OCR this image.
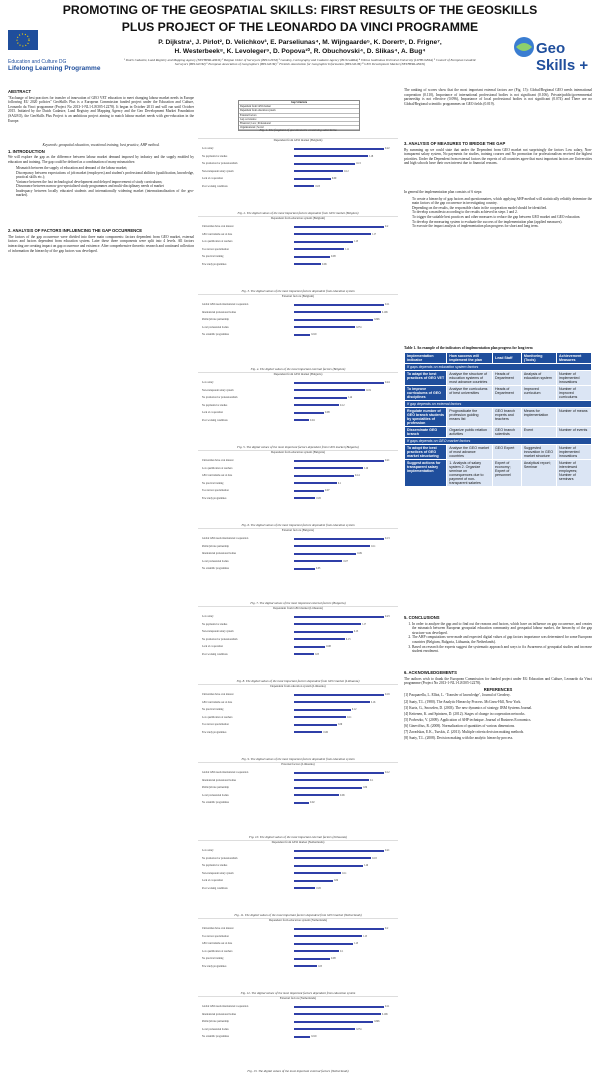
PROMOTING OF THE GEOSPATIAL SKILLS: FIRST RESULTS OF THE GEOSKILLS
PLUS PROJECT OF THE LEONARDO DA VINCI PROGRAMME
Education and Culture DG
Lifelong Learning Programme
Geo Skills +
P. Dijkstra¹, J. Pirlot², D. Velichkov³, E. Parseliunas⁴, M. Wijngaarde⁵, K. Dorert⁶, D. Frigne⁷,
H. Westerbeek⁸, K. Levoleger⁹, D. Popova¹⁰, R. Obuchovski⁴, D. Slikas⁴, A. Bug⁴
¹ Dutch Cadastre, Land Registry and Mapping Agency (NETHERLANDS) ² Belgian Order of Surveyors (BELGIUM) ³ Geodesy, Cartography and Cadastre Agency (BULGARIA) ⁴ Vilnius Gediminas Technical University (LITHUANIA) ⁵ Council of European Geodetic Surveyors (BELGIUM) ⁶ European Association of Geographers (BELGIUM) ⁷ Flemish Association for Geographic Information (BELGIUM) ⁸ GEO Development Market (NETHERLANDS)
ABSTRACT

"Exchange of best practices for transfer of innovation of GEO VET education to meet changing labour market needs in Europe following EU 2020 policies" GeoSkills Plus is a European Commission funded project under the Education and Culture, Leonardo da Vinci programme (Project No 2013-1-NL1-LEO05-12278). It began in October 2013 and will run until October 2015. Initiated by the Dutch Cadastre, Land Registry and Mapping Agency and the Geo Development Market Foundation (SAGEO), the GeoSkills Plus Project is an ambitious project aiming to match labour market needs with geo-education in the Europe.

Keywords: geospatial education, vocational training, best practice, AHP method.

1. INTRODUCTION

We will explore the gap as the difference between labour market demand imposed by industry and the supply enabled by education and training. The gap could be defined as a combination of many mismatches:

• Mismatch between the supply of education and demand of the labour market;
• Discrepancy between expectations of job market (employers) and student's professional abilities (qualification, knowledge, practical skills etc.);
• Variance between the fast technological development and delayed improvement of study curriculums;
• Dissonance between narrow geo-specialized study programmes and multi-disciplinary needs of market
• Inadequacy between locally educated students and internationally widening market (internationalization of the geo-market).
2. ANALYSIS OF FACTORS INFLUENCING THE GAP OCCURRENCE

The factors of the gap occurrence were divided into three main components: factors dependent from GEO market, external factors and factors dependent from education system. Later these three components were split into 4 levels. All factors interacting are creating impact on gap occurrence and existence. After comprehensive theoretic research and continued collection of information the hierarchy of the gap factors was developed.

Gap Structure
Dependent from GEO market
Dependent from education system
External factors
Gap occurrence
Financial | Law | Professional
Organizational | Social
Fig. 1. The fragment of questionnaire containing subcriteria
Dependent from GEO market (Belgium)
Low salary	0.22
No payments for studies	0.18
No promotion for professionalism	0.15
Non-transparent salary system	0.12
Lack of cooperation	0.09
Poor working conditions	0.05
Fig. 2. The digital values of the most important factors dependent from GEO market (Belgium)
Dependent from education system (Belgium)
Universities have own interest	0.2
GEO curriculums out of date	0.17
Low qualification of teachers	0.13
Too narrow specialisation	0.11
No practical training	0.08
Few study programmes	0.06
Fig. 3. The digital values of the most important factors dependent from education system
External factors (Belgium)
Global GEO needs international cooperation	0.11
International professional bodies	0.106
Public/private partnership	0.096
Local professional bodies	0.074
No scientific programmes	0.019
Fig. 4. The digital values of the most important external factors (Belgium)
Dependent from GEO market (Bulgaria)
Low salary	0.24
Non-transparent salary system	0.19
No promotion for professionalism	0.14
No payments for studies	0.12
Lack of cooperation	0.08
Poor working conditions	0.04
Fig. 5. The digital values of the most important factors dependent from GEO market (Bulgaria)
Dependent from education system (Bulgaria)
Universities have own interest	0.21
Low qualification of teachers	0.16
GEO curriculums out of date	0.14
No practical training	0.1
Too narrow specialisation	0.07
Few study programmes	0.05
Fig. 6. The digital values of the most important factors dependent from education system
External factors (Bulgaria)
Global GEO needs international cooperation	0.13
Public/private partnership	0.11
International professional bodies	0.09
Local professional bodies	0.07
No scientific programmes	0.03
Fig. 7. The digital values of the most important external factors (Bulgaria)
Dependent from GEO market (Lithuania)
Low salary	0.23
No payments for studies	0.17
Non-transparent salary system	0.15
No promotion for professionalism	0.13
Lack of cooperation	0.08
Poor working conditions	0.05
Fig. 8. The digital values of the most important factors dependent from GEO market (Lithuania)
Dependent from education system (Lithuania)
Universities have own interest	0.19
GEO curriculums out of date	0.16
No practical training	0.12
Low qualification of teachers	0.11
Too narrow specialisation	0.09
Few study programmes	0.06
Fig. 9. The digital values of the most important factors dependent from education system
External factors (Lithuania)
Global GEO needs international cooperation	0.12
International professional bodies	0.1
Public/private partnership	0.09
Local professional bodies	0.06
No scientific programmes	0.02
Fig. 10. The digital values of the most important external factors (Lithuania)
Dependent from GEO market (Netherlands)
Low salary	0.21
No promotion for professionalism	0.18
No payments for studies	0.16
Non-transparent salary system	0.11
Lack of cooperation	0.09
Poor working conditions	0.05
Fig. 11. The digital values of the most important factors dependent from GEO market (Netherlands)
Dependent from education system (Netherlands)
Universities have own interest	0.2
Too narrow specialisation	0.15
GEO curriculums out of date	0.13
Low qualification of teachers	0.1
No practical training	0.08
Few study programmes	0.05
Fig. 12. The digital values of the most important factors dependent from education system
External factors (Netherlands)
Global GEO needs international cooperation	0.11
International professional bodies	0.106
Public/private partnership	0.096
Local professional bodies	0.074
No scientific programmes	0.019
Fig. 13. The digital values of the most important external factors (Netherlands)

The ranking of scores show that the most important external factors are (Fig. 15): Global/Regional GEO needs international cooperation (0.110), Importance of international professional bodies is not significant (0.106), Private/public/governmental partnership is not effective (0.096), Importance of local professional bodies is not significant (0.074) and There are no Global/Regional scientific programmes on GEO fields (0.019).

3. ANALYSIS OF MEASURES TO BRIDGE THE GAP

By summing up we could state that under the Dependent from GEO market not surprisingly the factors Low salary, Non-transparent salary system, No payments for studies, training courses and No promotion for professionalism received the highest priorities. Under the Dependent from external factors the experts of all countries agree that most important factors are Universities and high schools have their own interest due to financial reasons.

In general the implementation plan consists of 6 steps:

• To create a hierarchy of gap factors and questionnaires, which applying AHP method will statistically reliably determine the main factors of the gap occurrence in investigating country.
• Depending on the results, the responsible chain in the cooperation model should be identified.
• To develop a manifesto according to the results achieved in steps 1 and 2.
• To trigger the suitable best practices and other measures to reduce the gap between GEO market and GEO education.
• To develop the measuring system to evaluate the success of the implementation plan (applied measures).
• To execute the impact analysis of implementation plan progress for short and long term.
Table 1. An example of the indicators of implementation plan progress for long term
Implementation indicator	How success will implement the plan	Lead Staff	Monitoring (Tools)	Achievement Measures
If gaps depends on education system factors				
To adapt the best practices of GEO VET	Analyse the structure of education systems of most advance countries	Heads of Department	Analysis of education system	Number of implemented innovations
To improve curriculums of GEO disciplines	Analyse the curriculums of best universities	Heads of Department	Improved curriculum	Number of improved curriculums
If gap depends on external factors				
Regulate number of GEO branch students by specialties of profession	Prognosticate the profession guiding means list	GEO branch experts and teachers	Means for implementation	Number of means
Disseminate GEO branch	Organize public relation activities	GEO branch scientists	Event	Number of events
If gaps depends on GEO market factors				
To adopt the best practices of GEO market structuring	Analyse the GEO market of most advance countries	GEO Expert	Suggested innovation in GEO market structure	Number of implemented innovations
Suggest actions for transparent salary implementation	1. Analysis of salary system 2. Organize seminar on consequences due to payment of non-transparent salaries	Expert of economy; Expert of personnel	Analytical report; Seminar	Number of interviewed employees; Number of seminars
5. CONCLUSIONS
1. In order to analyze the gap and to find out the reasons and factors, which have an influence on gap occurrence, and creates the mismatch between European geospatial education community and geospatial labour market, the hierarchy of the gap structure was developed.
2. The AHP computations were made and expected digital values of gap factors importance was determined for some European countries (Belgium, Bulgaria, Lithuania, the Netherlands).
3. Based on research the experts suggest the systematic approach and ways to fix Awareness of geospatial studies and increase student enrolment.
6. ACKNOWLEDGEMENTS

The authors wish to thank the European Commission for funded project under EG Education and Culture, Leonardo da Vinci programme (Project No 2013-1-NL1-LEO05-12278).

REFERENCES

[1] Pasquarella, L. Elliot, L. ‘Transfer of knowledge’, Journal of Geodesy.

[2] Saaty, T.L. (1980). The Analytic Hierarchy Process. McGraw-Hill, New York.

[3] Kurtz, G., Snowden, D. (2003). The new dynamics of strategy. IBM Systems Journal.

[4] Kettenen, K. and Spintzen, D. (2012). Stages of change in cooperation networks.

[5] Podvezko, V. (2009). Application of AHP technique. Journal of Business Economics.

[6] Ginevičius, R. (2008). Normalization of quantities of various dimensions.

[7] Zavadskas, E.K., Turskis, Z. (2011). Multiple criteria decision making methods.

[8] Saaty, T.L. (2008). Decision making with the analytic hierarchy process.
